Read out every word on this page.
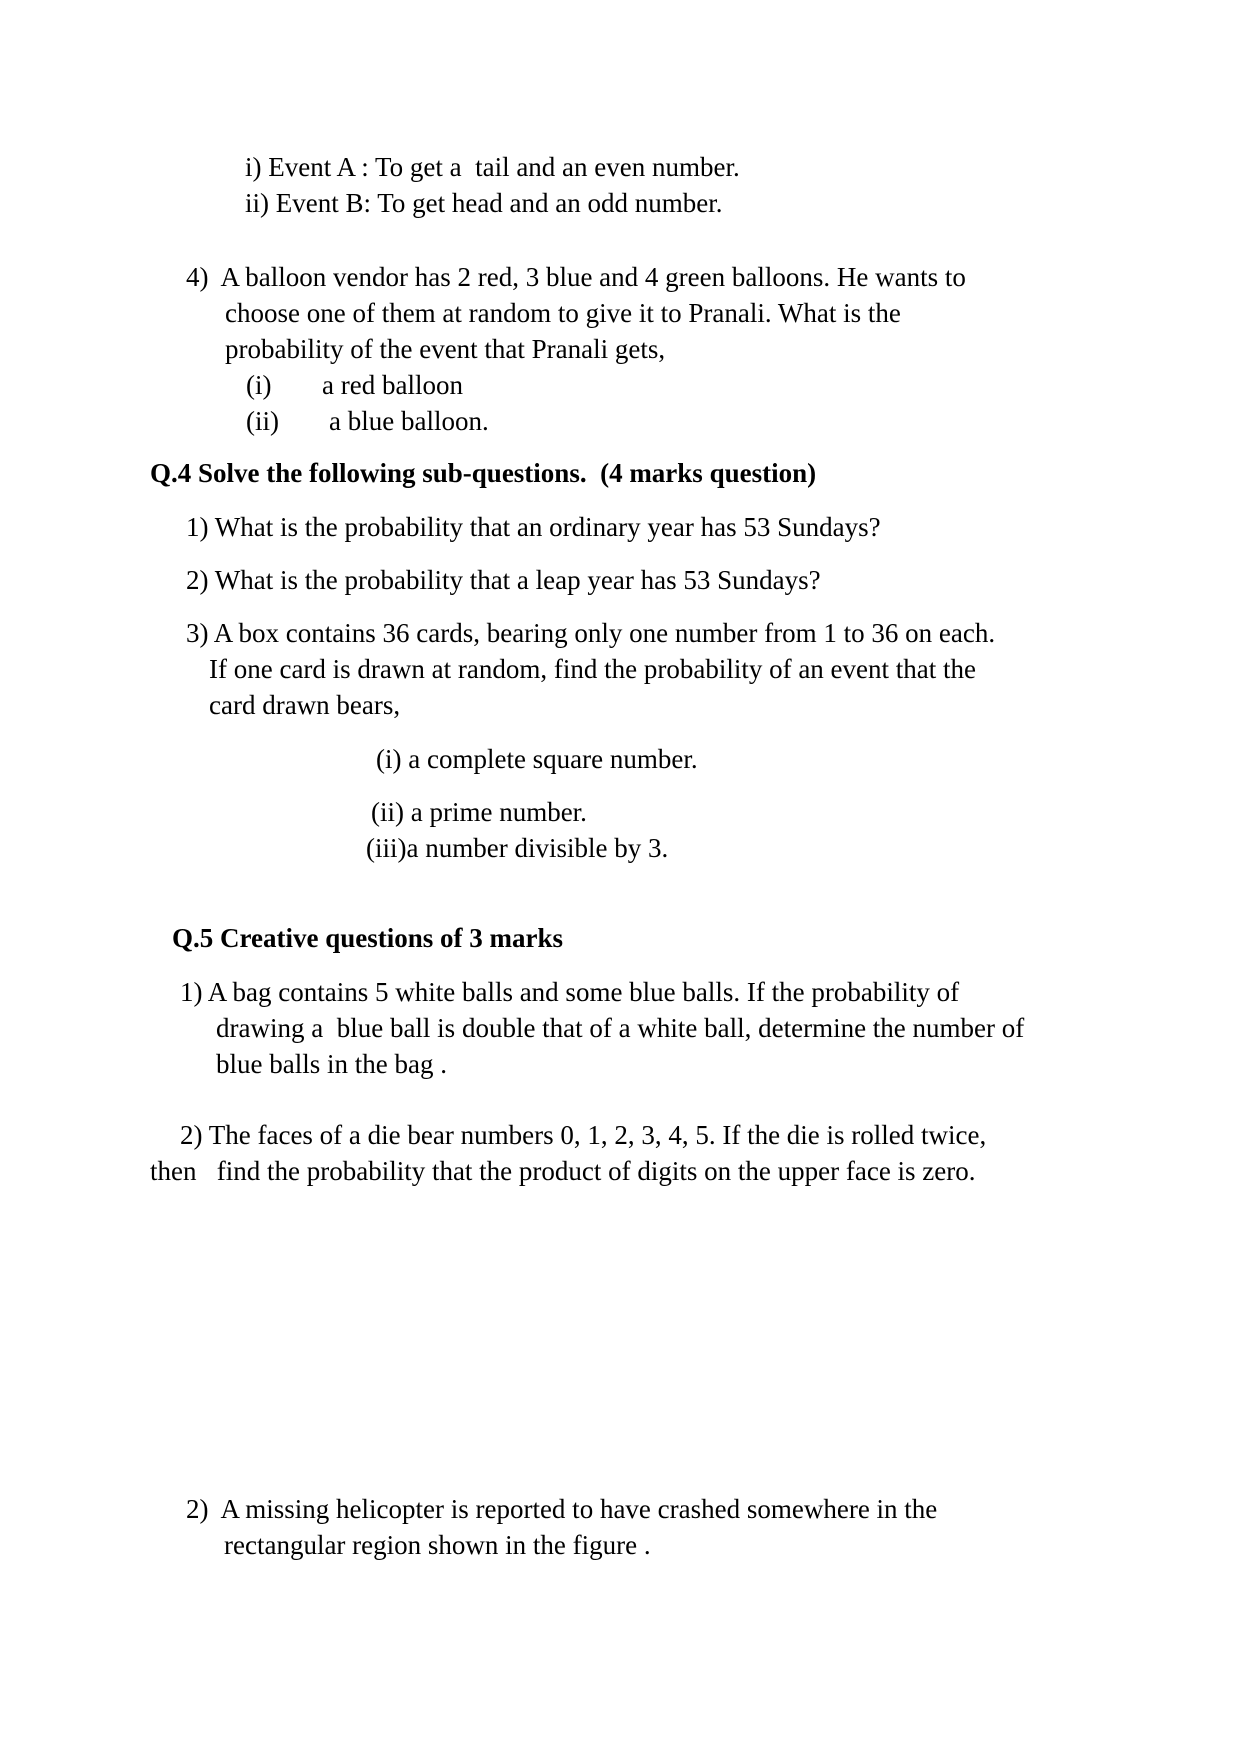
i) Event A : To get a  tail and an even number.
ii) Event B: To get head and an odd number.
4)  A balloon vendor has 2 red, 3 blue and 4 green balloons. He wants to
choose one of them at random to give it to Pranali. What is the
probability of the event that Pranali gets,
(i) a red balloon
(ii) a blue balloon.
Q.4 Solve the following sub-questions.  (4 marks question)
1) What is the probability that an ordinary year has 53 Sundays?
2) What is the probability that a leap year has 53 Sundays?
3) A box contains 36 cards, bearing only one number from 1 to 36 on each.
If one card is drawn at random, find the probability of an event that the
card drawn bears,
(i) a complete square number.
(ii) a prime number.
(iii)a number divisible by 3.
Q.5 Creative questions of 3 marks
1) A bag contains 5 white balls and some blue balls. If the probability of
drawing a  blue ball is double that of a white ball, determine the number of
blue balls in the bag .
2) The faces of a die bear numbers 0, 1, 2, 3, 4, 5. If the die is rolled twice,
then   find the probability that the product of digits on the upper face is zero.
2)  A missing helicopter is reported to have crashed somewhere in the
rectangular region shown in the figure .
